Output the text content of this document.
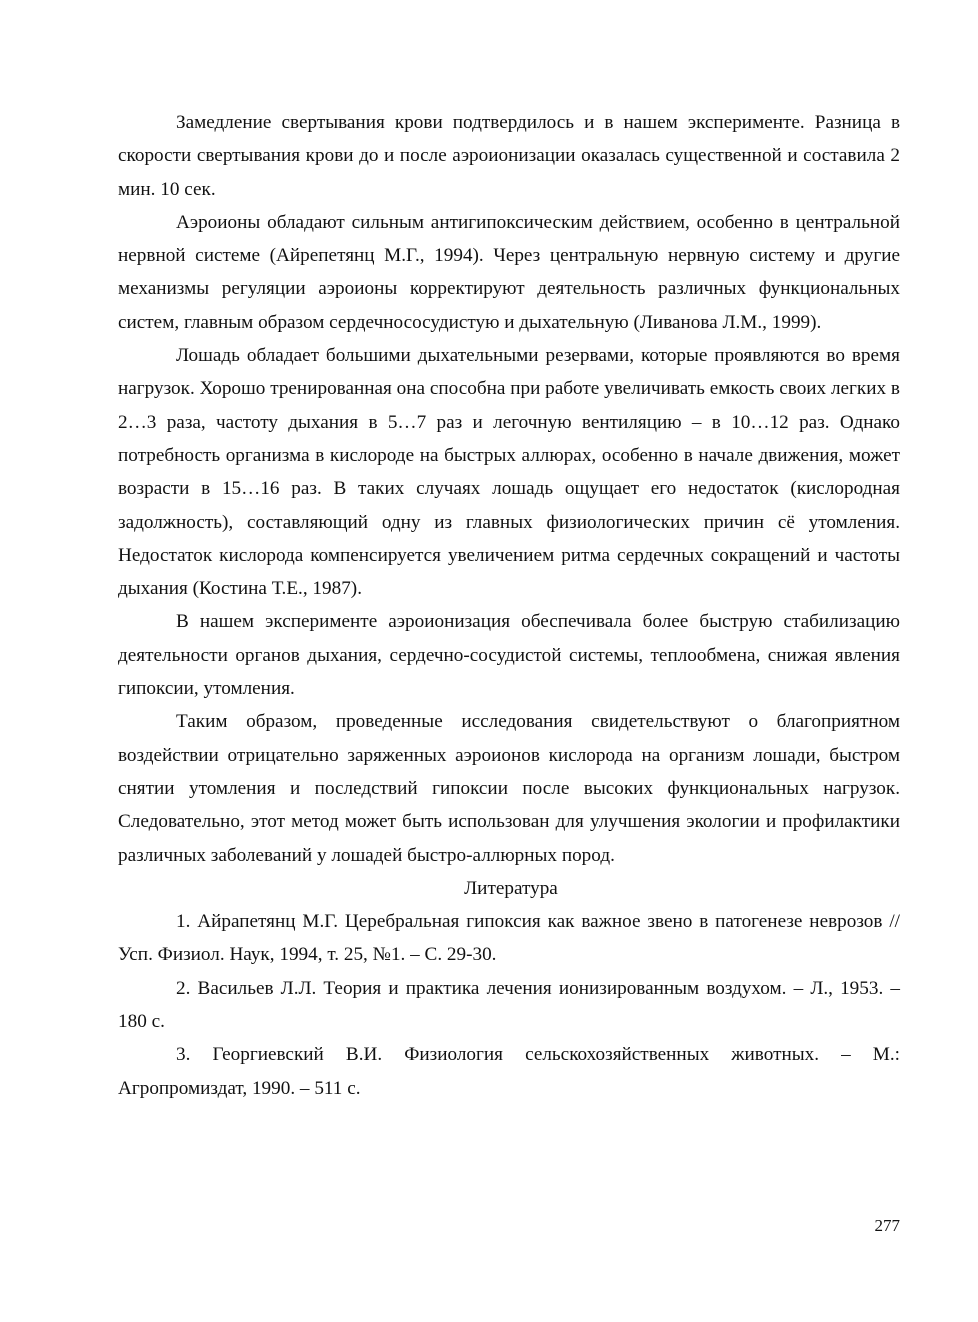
Замедление свертывания крови подтвердилось и в нашем эксперименте. Разница в скорости свертывания крови до и после аэроионизации оказалась существенной и составила 2 мин. 10 сек.

Аэроионы обладают сильным антигипоксическим действием, особенно в центральной нервной системе (Айрепетянц М.Г., 1994). Через центральную нервную систему и другие механизмы регуляции аэроионы корректируют деятельность различных функциональных систем, главным образом сердечнососудистую и дыхательную (Ливанова Л.М., 1999).

Лошадь обладает большими дыхательными резервами, которые проявляются во время нагрузок. Хорошо тренированная она способна при работе увеличивать емкость своих легких в 2…3 раза, частоту дыхания в 5…7 раз и легочную вентиляцию – в 10…12 раз. Однако потребность организма в кислороде на быстрых аллюрах, особенно в начале движения, может возрасти в 15…16 раз. В таких случаях лошадь ощущает его недостаток (кислородная задолжность), составляющий одну из главных физиологических причин сё утомления. Недостаток кислорода компенсируется увеличением ритма сердечных сокращений и частоты дыхания (Костина Т.Е., 1987).

В нашем эксперименте аэроионизация обеспечивала более быструю стабилизацию деятельности органов дыхания, сердечно-сосудистой системы, теплообмена, снижая явления гипоксии, утомления.

Таким образом, проведенные исследования свидетельствуют о благоприятном воздействии отрицательно заряженных аэроионов кислорода на организм лошади, быстром снятии утомления и последствий гипоксии после высоких функциональных нагрузок. Следовательно, этот метод может быть использован для улучшения экологии и профилактики различных заболеваний у лошадей быстро-аллюрных пород.

Литература

1. Айрапетянц М.Г. Церебральная гипоксия как важное звено в патогенезе неврозов // Усп. Физиол. Наук, 1994, т. 25, №1. – С. 29-30.

2. Васильев Л.Л. Теория и практика лечения ионизированным воздухом. – Л., 1953. – 180 с.

3. Георгиевский В.И. Физиология сельскохозяйственных животных. – М.: Агропромиздат, 1990. – 511 с.

277
